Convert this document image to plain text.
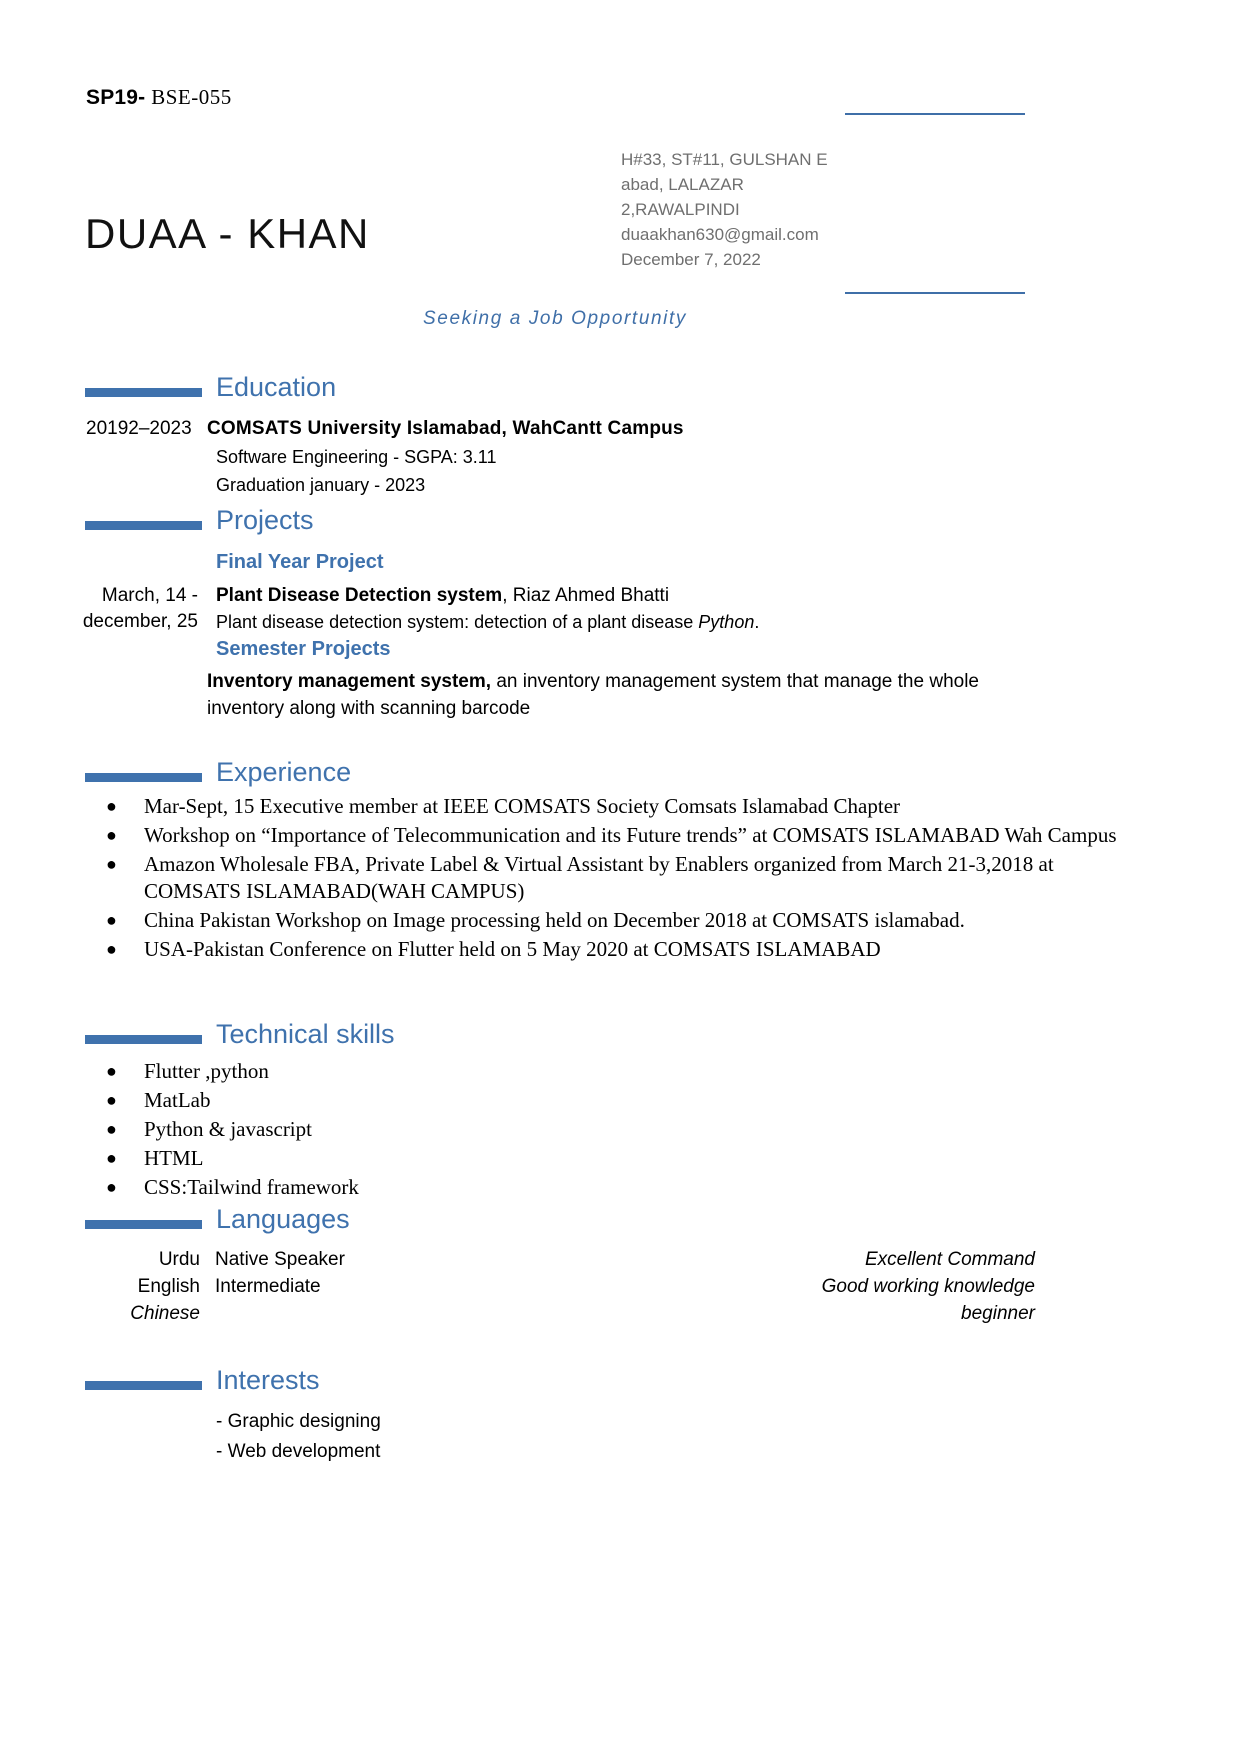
SP19- BSE-055
DUAA - KHAN
H#33, ST#11, GULSHAN E
abad, LALAZAR
2,RAWALPINDI
duaakhan630@gmail.com
December 7, 2022
Seeking a Job Opportunity
Education
20192–2023 COMSATS University Islamabad, WahCantt Campus
Software Engineering - SGPA: 3.11
Graduation january - 2023
Projects
Final Year Project
March, 14 -
december, 25
Plant Disease Detection system, Riaz Ahmed Bhatti
Plant disease detection system: detection of a plant disease Python.
Semester Projects
Inventory management system, an inventory management system that manage the whole inventory along with scanning barcode
Experience
● Mar-Sept, 15 Executive member at IEEE COMSATS Society Comsats Islamabad Chapter
● Workshop on “Importance of Telecommunication and its Future trends” at COMSATS ISLAMABAD Wah Campus
● Amazon Wholesale FBA, Private Label & Virtual Assistant by Enablers organized from March 21-3,2018 at COMSATS ISLAMABAD(WAH CAMPUS)
● China Pakistan Workshop on Image processing held on December 2018 at COMSATS islamabad.
● USA-Pakistan Conference on Flutter held on 5 May 2020 at COMSATS ISLAMABAD
Technical skills
● Flutter ,python
● MatLab
● Python & javascript
● HTML
● CSS:Tailwind framework
Languages
Urdu Native Speaker	Excellent Command
English Intermediate	Good working knowledge
Chinese	beginner
Interests
- Graphic designing
- Web development
